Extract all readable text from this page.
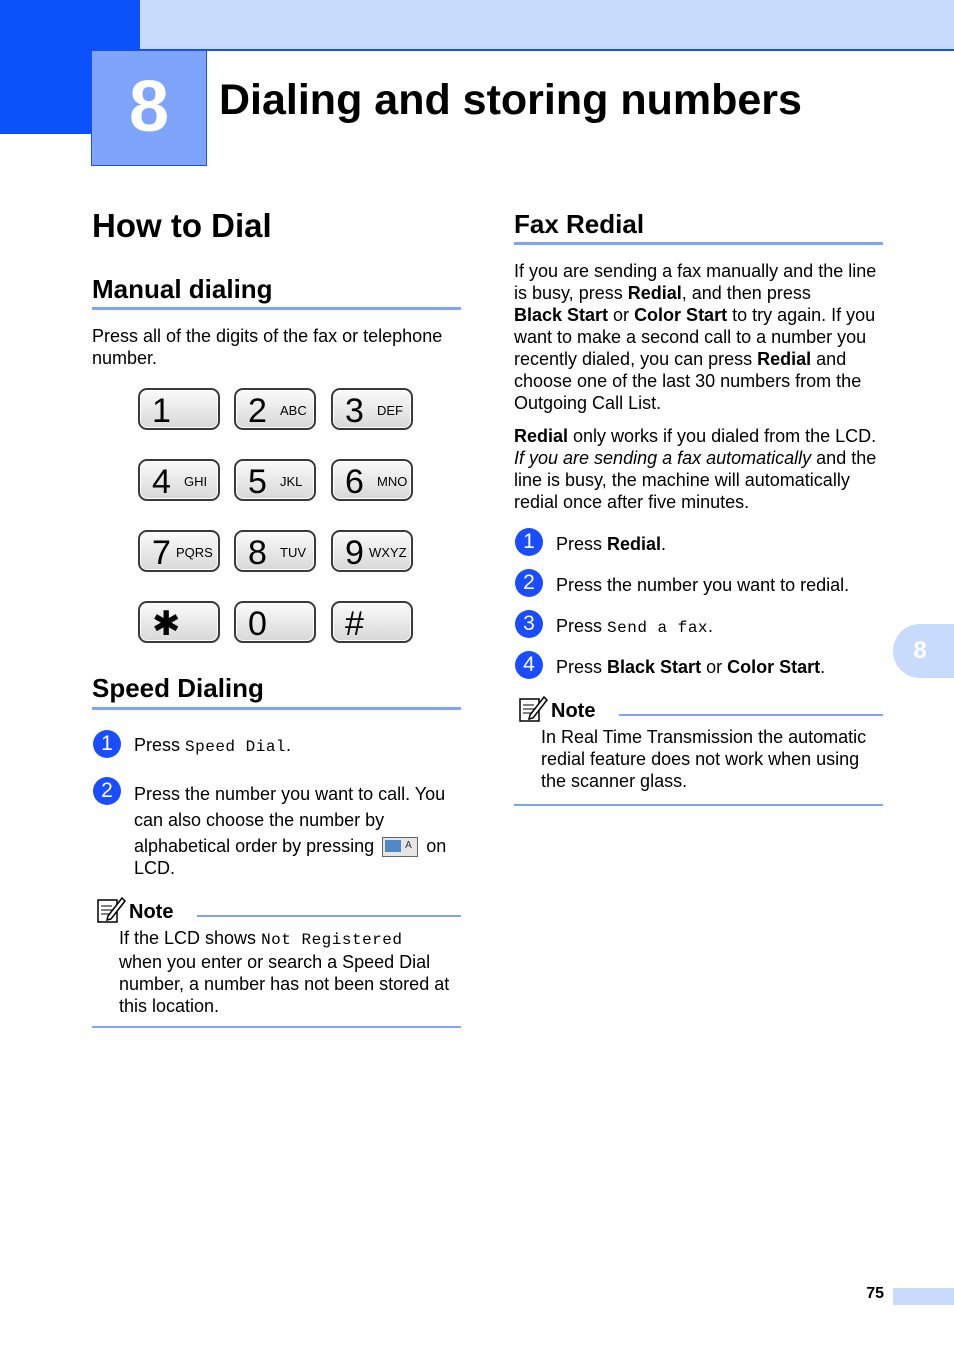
8	Dialing and storing numbers
How to Dial
Manual dialing
Press all of the digits of the fax or telephone number.
1 2 ABC 3 DEF
4 GHI 5 JKL 6 MNO
7 PQRS 8 TUV 9 WXYZ
✱ 0 #
Speed Dialing
1	Press Speed Dial.
2	Press the number you want to call. You
can also choose the number by
alphabetical order by pressing	A on
LCD.
Note
If the LCD shows Not Registered
when you enter or search a Speed Dial
number, a number has not been stored at
this location.
Fax Redial
If you are sending a fax manually and the line
is busy, press Redial, and then press
Black Start or Color Start to try again. If you
want to make a second call to a number you
recently dialed, you can press Redial and
choose one of the last 30 numbers from the
Outgoing Call List.
Redial only works if you dialed from the LCD.
If you are sending a fax automatically and the
line is busy, the machine will automatically
redial once after five minutes.
1	Press Redial.
2	Press the number you want to redial.
3	Press Send a fax.
4	Press Black Start or Color Start.
Note
In Real Time Transmission the automatic
redial feature does not work when using
the scanner glass.
8
75
